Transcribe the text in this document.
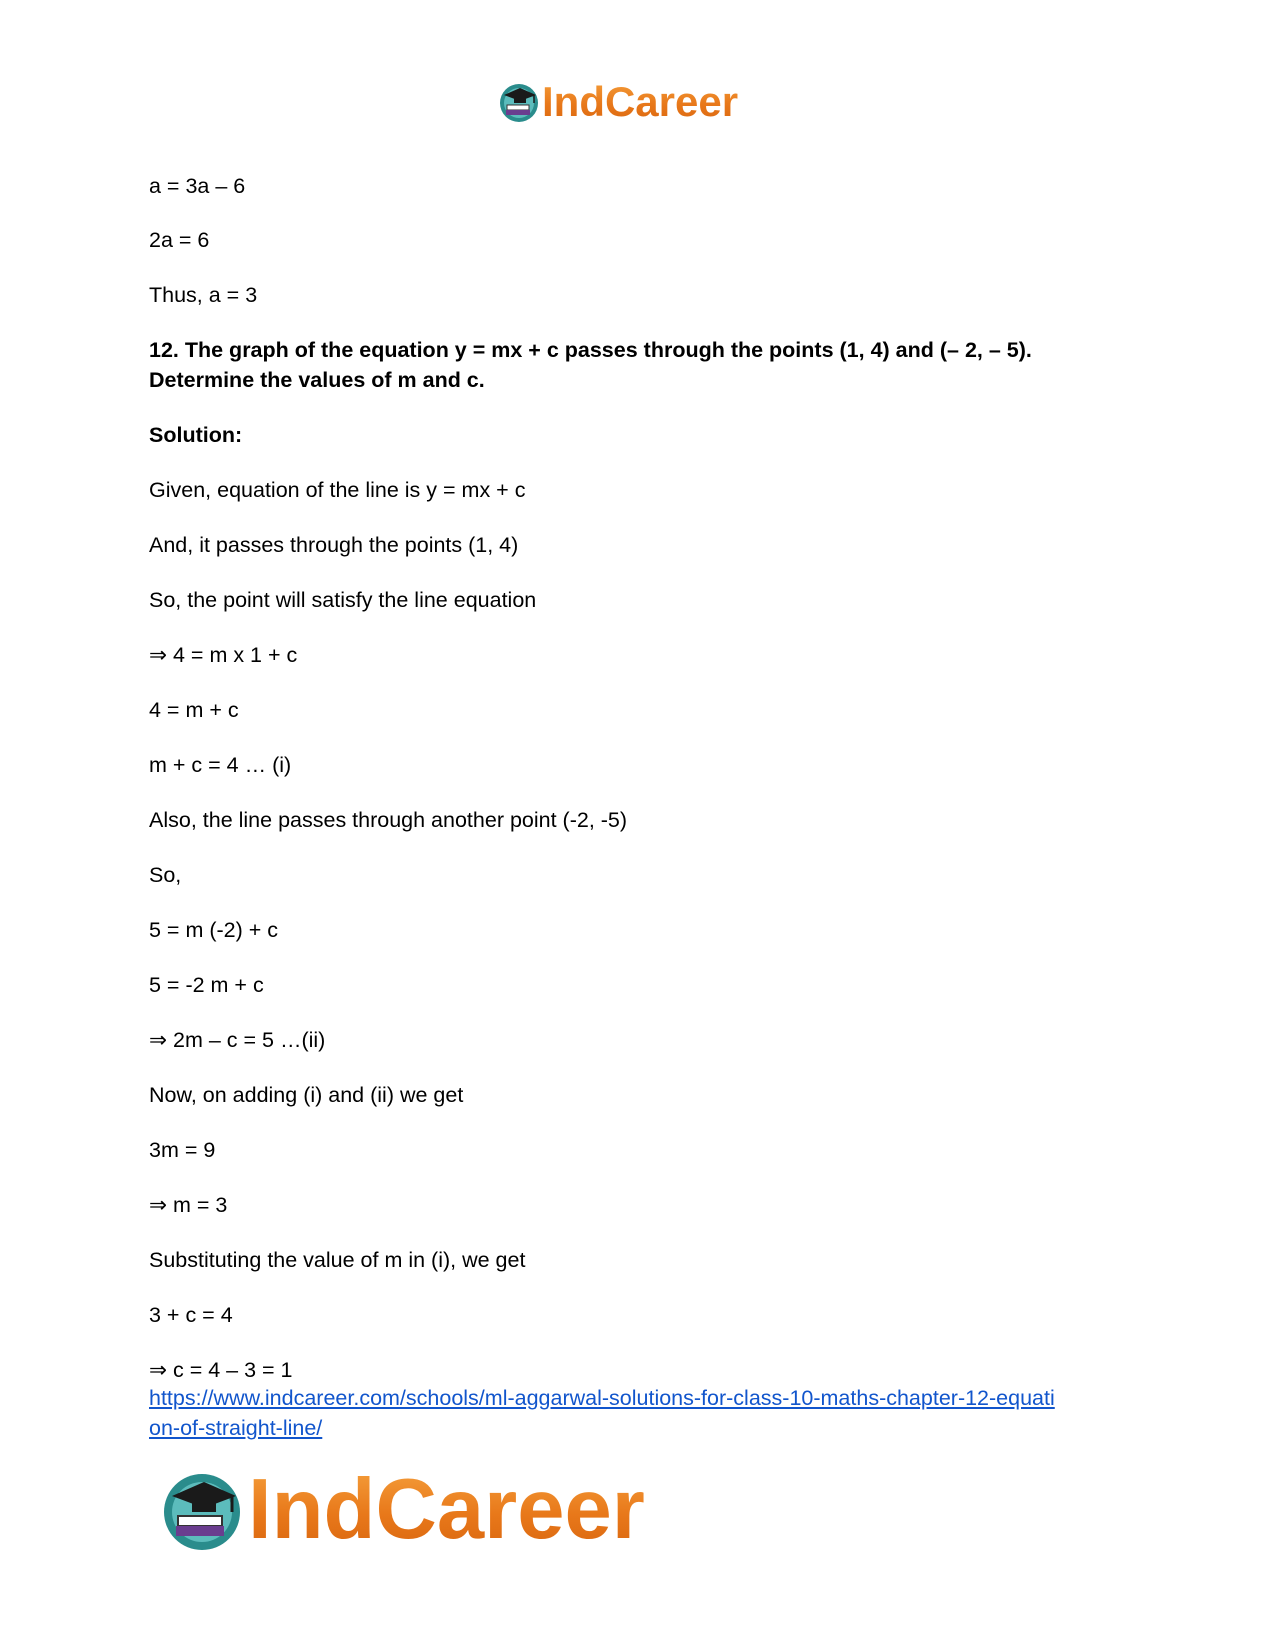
IndCareer
a = 3a – 6
2a = 6
Thus, a = 3
12. The graph of the equation y = mx + c passes through the points (1, 4) and (– 2, – 5).
Determine the values of m and c.
Solution:
Given, equation of the line is y = mx + c
And, it passes through the points (1, 4)
So, the point will satisfy the line equation
⇒ 4 = m x 1 + c
4 = m + c
m + c = 4 … (i)
Also, the line passes through another point (-2, -5)
So,
5 = m (-2) + c
5 = -2 m + c
⇒ 2m – c = 5 …(ii)
Now, on adding (i) and (ii) we get
3m = 9
⇒ m = 3
Substituting the value of m in (i), we get
3 + c = 4
⇒ c = 4 – 3 = 1
https://www.indcareer.com/schools/ml-aggarwal-solutions-for-class-10-maths-chapter-12-equati
on-of-straight-line/
IndCareer
